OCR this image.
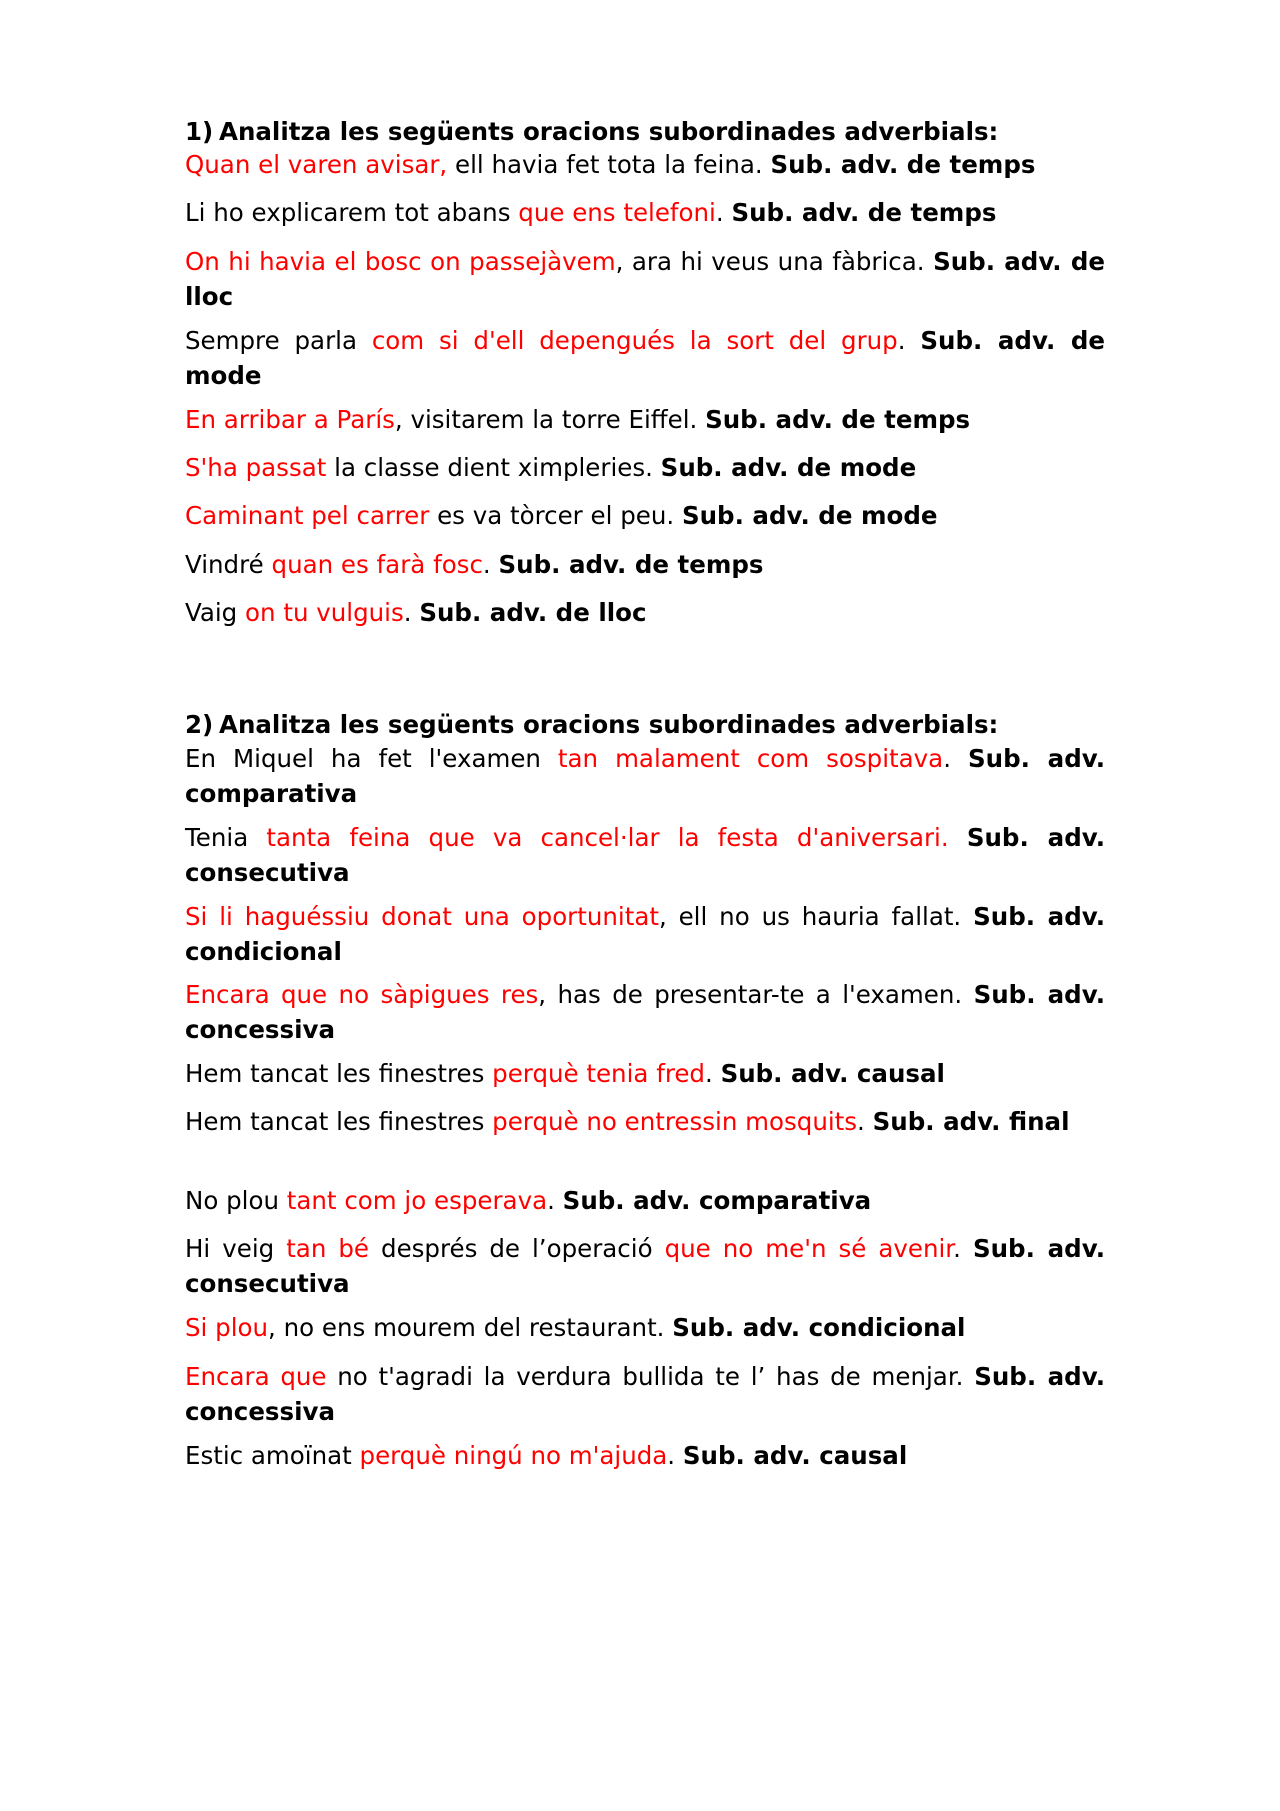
1) Analitza les següents oracions subordinades adverbials:

Quan el varen avisar, ell havia fet tota la feina. Sub. adv. de temps

Li ho explicarem tot abans que ens telefoni. Sub. adv. de temps

On hi havia el bosc on passejàvem, ara hi veus una fàbrica. Sub. adv. de lloc

Sempre parla com si d'ell depengués la sort del grup. Sub. adv. de mode

En arribar a París, visitarem la torre Eiffel. Sub. adv. de temps

S'ha passat la classe dient ximpleries. Sub. adv. de mode

Caminant pel carrer es va tòrcer el peu. Sub. adv. de mode

Vindré quan es farà fosc. Sub. adv. de temps

Vaig on tu vulguis. Sub. adv. de lloc

2) Analitza les següents oracions subordinades adverbials:

En Miquel ha fet l'examen tan malament com sospitava. Sub. adv. comparativa

Tenia tanta feina que va cancel·lar la festa d'aniversari. Sub. adv. consecutiva

Si li haguéssiu donat una oportunitat, ell no us hauria fallat. Sub. adv. condicional

Encara que no sàpigues res, has de presentar-te a l'examen. Sub. adv. concessiva

Hem tancat les finestres perquè tenia fred. Sub. adv. causal

Hem tancat les finestres perquè no entressin mosquits. Sub. adv. final

No plou tant com jo esperava. Sub. adv. comparativa

Hi veig tan bé després de l’operació que no me'n sé avenir. Sub. adv. consecutiva

Si plou, no ens mourem del restaurant. Sub. adv. condicional

Encara que no t'agradi la verdura bullida te l’ has de menjar. Sub. adv. concessiva

Estic amoïnat perquè ningú no m'ajuda. Sub. adv. causal
